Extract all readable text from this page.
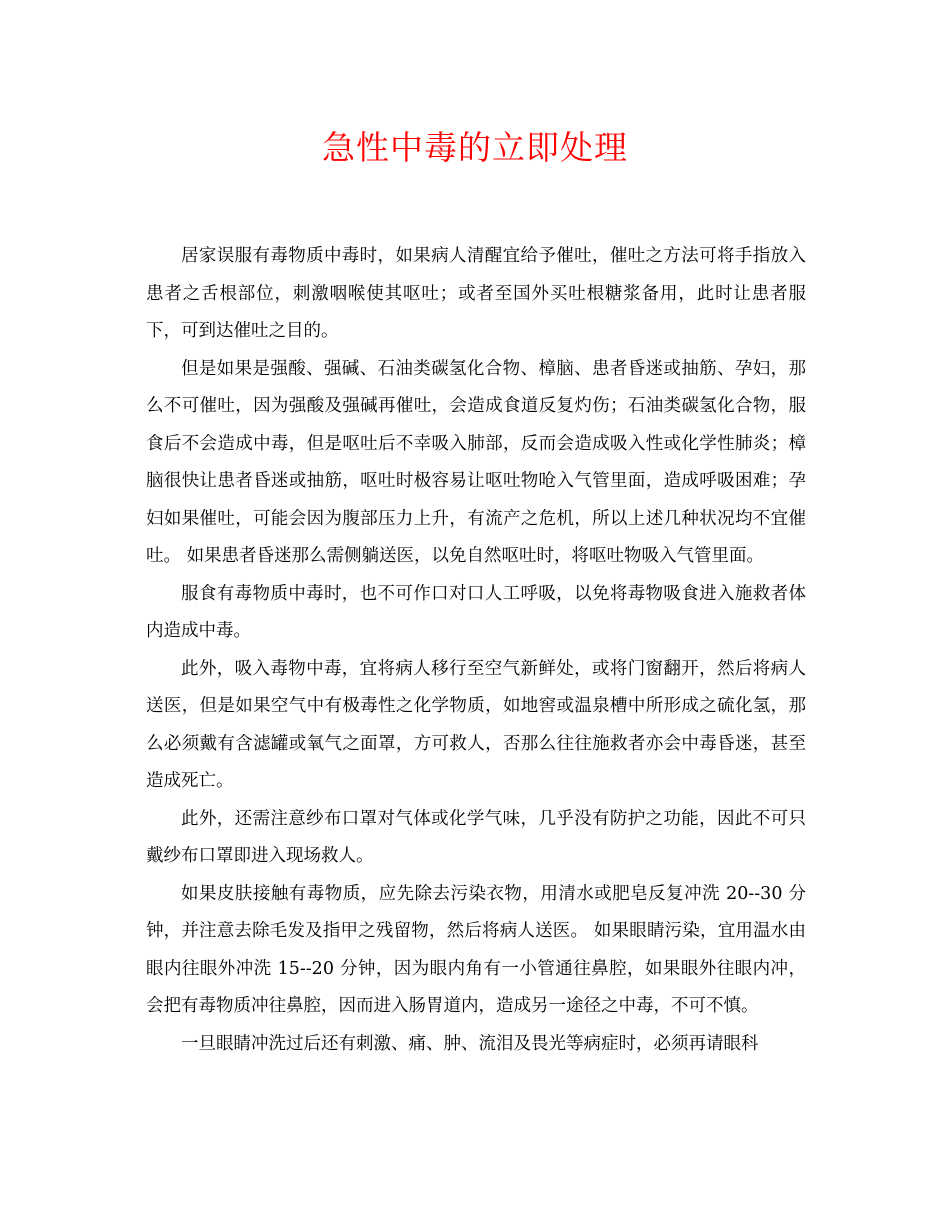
急性中毒的立即处理

居家误服有毒物质中毒时，如果病人清醒宜给予催吐，催吐之方法可将手指放入患者之舌根部位，刺激咽喉使其呕吐；或者至国外买吐根糖浆备用，此时让患者服下，可到达催吐之目的。

但是如果是强酸、强碱、石油类碳氢化合物、樟脑、患者昏迷或抽筋、孕妇，那么不可催吐，因为强酸及强碱再催吐，会造成食道反复灼伤；石油类碳氢化合物，服食后不会造成中毒，但是呕吐后不幸吸入肺部，反而会造成吸入性或化学性肺炎；樟脑很快让患者昏迷或抽筋，呕吐时极容易让呕吐物呛入气管里面，造成呼吸困难；孕妇如果催吐，可能会因为腹部压力上升，有流产之危机，所以上述几种状况均不宜催吐。 如果患者昏迷那么需侧躺送医，以免自然呕吐时，将呕吐物吸入气管里面。

服食有毒物质中毒时，也不可作口对口人工呼吸，以免将毒物吸食进入施救者体内造成中毒。

此外，吸入毒物中毒，宜将病人移行至空气新鲜处，或将门窗翻开，然后将病人送医，但是如果空气中有极毒性之化学物质，如地窖或温泉槽中所形成之硫化氢，那么必须戴有含滤罐或氧气之面罩，方可救人，否那么往往施救者亦会中毒昏迷，甚至造成死亡。

此外，还需注意纱布口罩对气体或化学气味，几乎没有防护之功能，因此不可只戴纱布口罩即进入现场救人。

如果皮肤接触有毒物质，应先除去污染衣物，用清水或肥皂反复冲洗 20--30 分钟，并注意去除毛发及指甲之残留物，然后将病人送医。 如果眼睛污染，宜用温水由眼内往眼外冲洗 15--20 分钟，因为眼内角有一小管通往鼻腔，如果眼外往眼内冲，会把有毒物质冲往鼻腔，因而进入肠胃道内，造成另一途径之中毒，不可不慎。

一旦眼睛冲洗过后还有刺激、痛、肿、流泪及畏光等病症时，必须再请眼科
